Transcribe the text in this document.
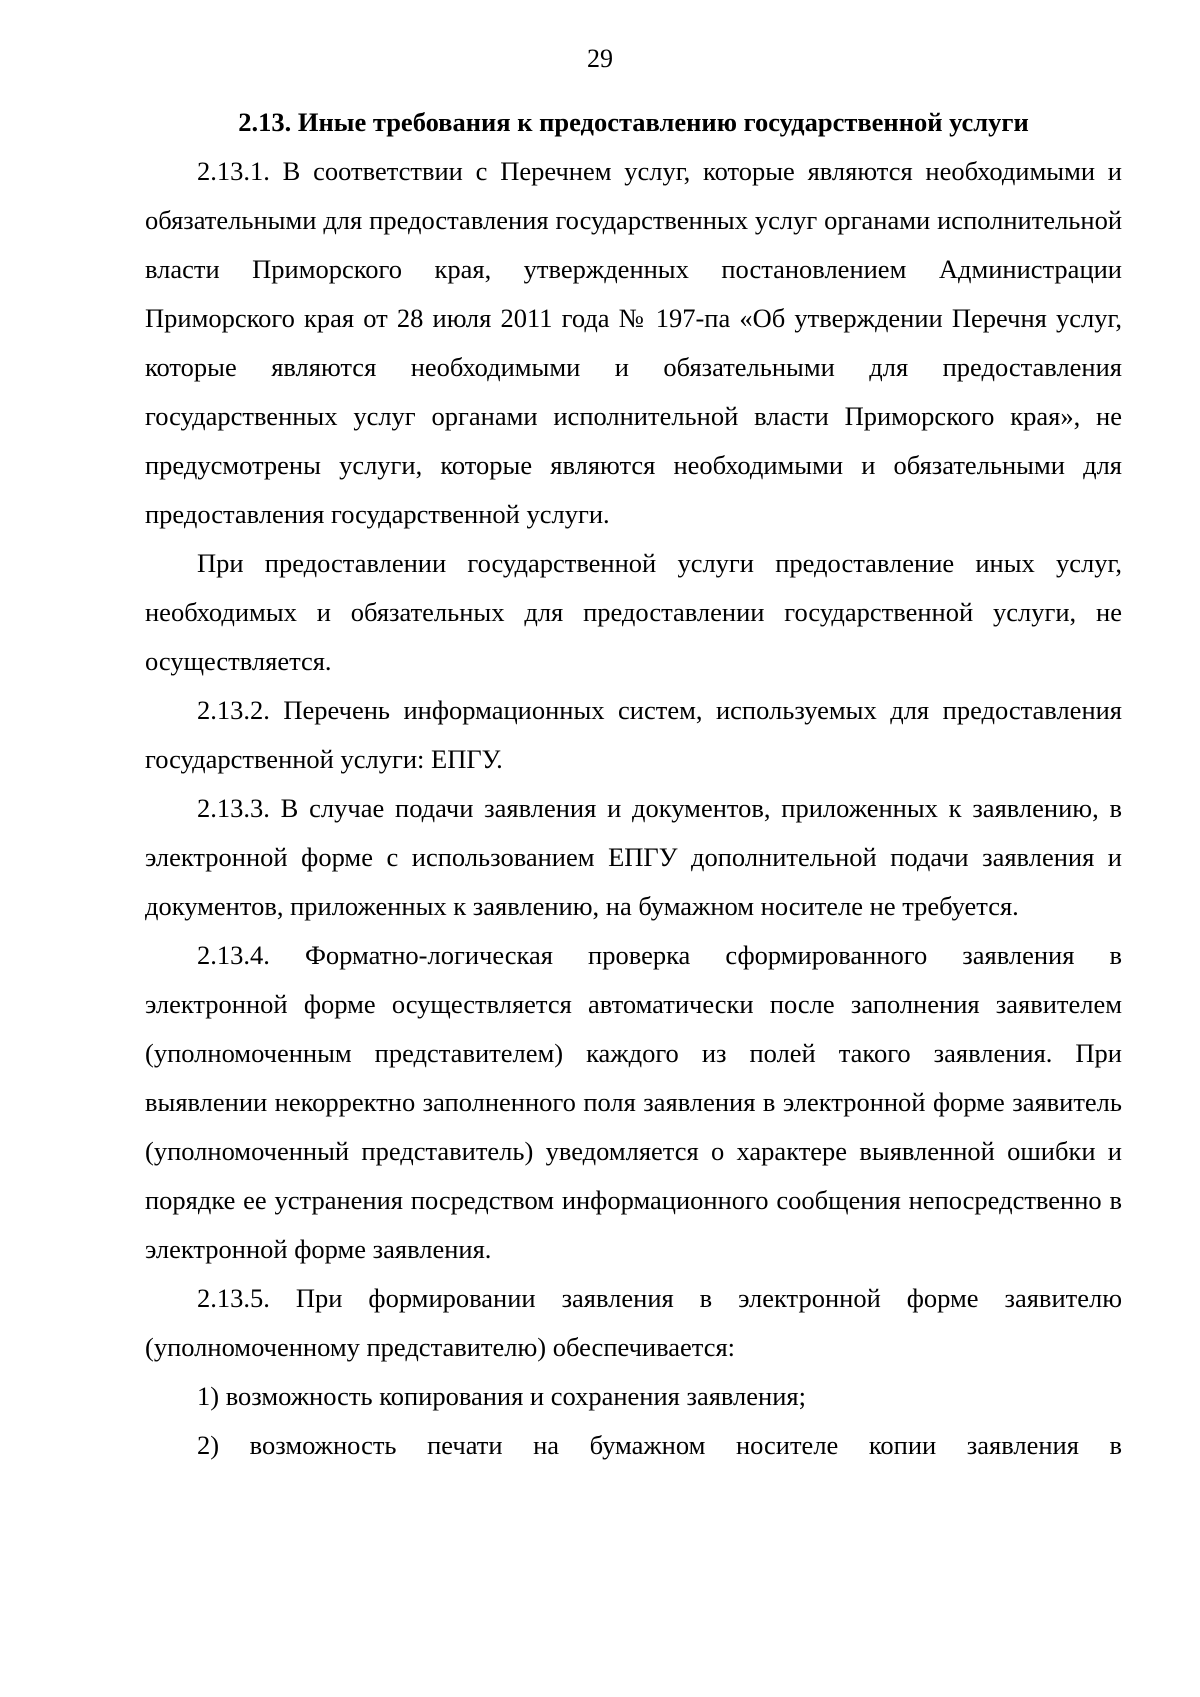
29
2.13. Иные требования к предоставлению государственной услуги

2.13.1. В соответствии с Перечнем услуг, которые являются необходимыми и обязательными для предоставления государственных услуг органами исполнительной власти Приморского края, утвержденных постановлением Администрации Приморского края от 28 июля 2011 года № 197-па «Об утверждении Перечня услуг, которые являются необходимыми и обязательными для предоставления государственных услуг органами исполнительной власти Приморского края», не предусмотрены услуги, которые являются необходимыми и обязательными для предоставления государственной услуги.

При предоставлении государственной услуги предоставление иных услуг, необходимых и обязательных для предоставлении государственной услуги, не осуществляется.

2.13.2. Перечень информационных систем, используемых для предоставления государственной услуги: ЕПГУ.

2.13.3. В случае подачи заявления и документов, приложенных к заявлению, в электронной форме с использованием ЕПГУ дополнительной подачи заявления и документов, приложенных к заявлению, на бумажном носителе не требуется.

2.13.4. Форматно-логическая проверка сформированного заявления в электронной форме осуществляется автоматически после заполнения заявителем (уполномоченным представителем) каждого из полей такого заявления. При выявлении некорректно заполненного поля заявления в электронной форме заявитель (уполномоченный представитель) уведомляется о характере выявленной ошибки и порядке ее устранения посредством информационного сообщения непосредственно в электронной форме заявления.

2.13.5. При формировании заявления в электронной форме заявителю (уполномоченному представителю) обеспечивается:

1) возможность копирования и сохранения заявления;

2) возможность печати на бумажном носителе копии заявления в
